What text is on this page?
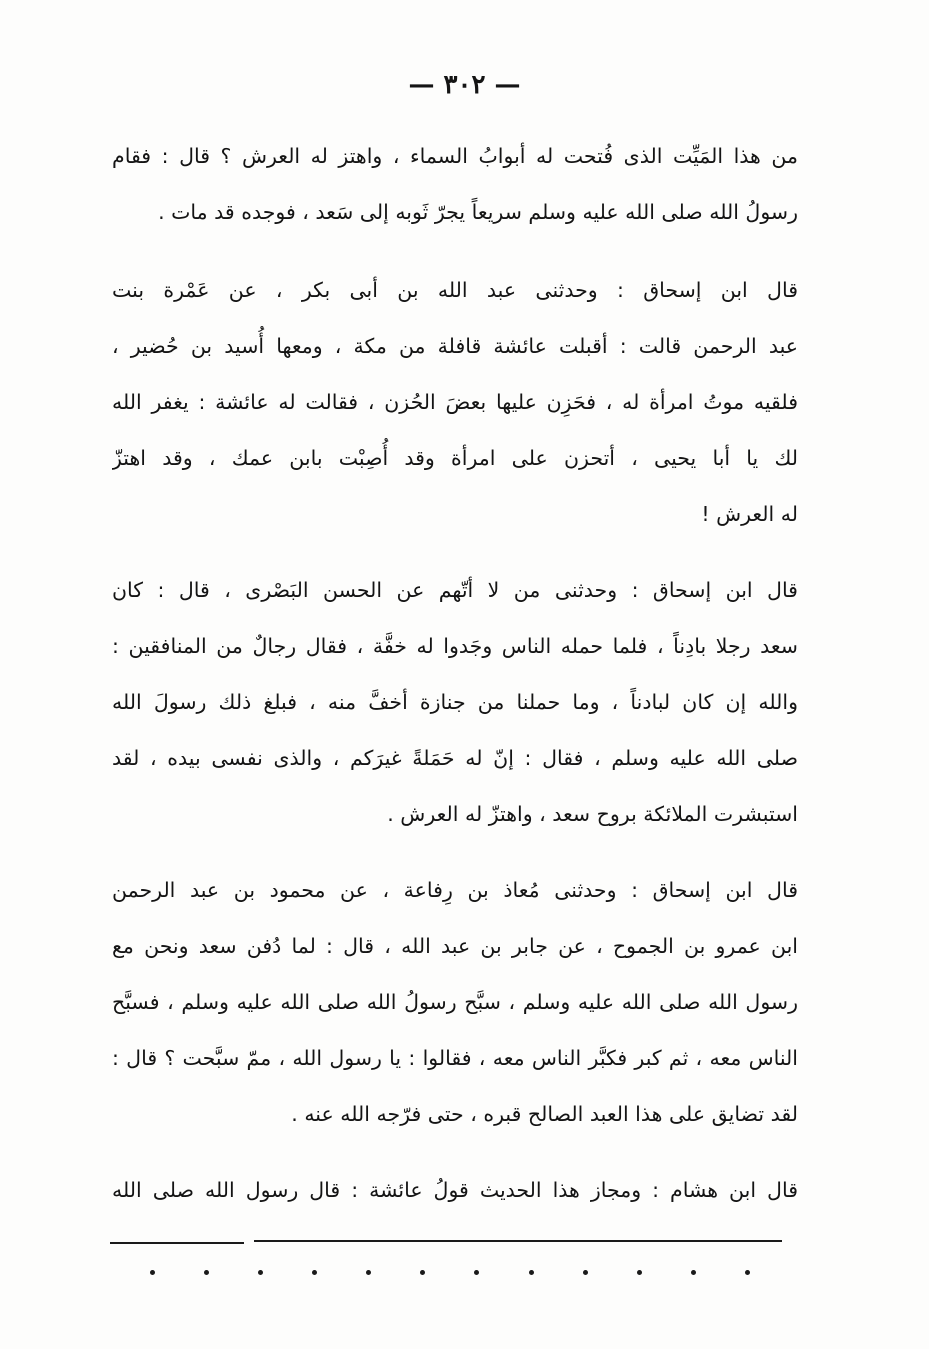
— ٣٠٢ —
من هذا المَيِّت الذى فُتحت له أبوابُ السماء ، واهتز له العرش ؟ قال : فقام
رسولُ الله صلى الله عليه وسلم سريعاً يجرّ ثَوبه إلى سَعد ، فوجده قد مات .
قال ابن إسحاق : وحدثنى عبد الله بن أبى بكر ، عن عَمْرة بنت
عبد الرحمن قالت : أقبلت عائشة قافلة من مكة ، ومعها أُسيد بن حُضير ،
فلقيه موتُ امرأة له ، فحَزِن عليها بعضَ الحُزن ، فقالت له عائشة : يغفر الله
لك يا أبا يحيى ، أتحزن على امرأة وقد أُصِبْت بابن عمك ، وقد اهتزّ
له العرش !
قال ابن إسحاق : وحدثنى من لا أتّهم عن الحسن البَصْرى ، قال : كان
سعد رجلا بادِناً ، فلما حمله الناس وجَدوا له خفَّة ، فقال رجالٌ من المنافقين :
والله إن كان لبادناً ، وما حملنا من جنازة أخفَّ منه ، فبلغ ذلك رسولَ الله
صلى الله عليه وسلم ، فقال : إنّ له حَمَلةً غيرَكم ، والذى نفسى بيده ، لقد
استبشرت الملائكة بروح سعد ، واهتزّ له العرش .
قال ابن إسحاق : وحدثنى مُعاذ بن رِفاعة ، عن محمود بن عبد الرحمن
ابن عمرو بن الجموح ، عن جابر بن عبد الله ، قال : لما دُفن سعد ونحن مع
رسول الله صلى الله عليه وسلم ، سبَّح رسولُ الله صلى الله عليه وسلم ، فسبَّح
الناس معه ، ثم كبر فكبَّر الناس معه ، فقالوا : يا رسول الله ، ممّ سبَّحت ؟ قال :
لقد تضايق على هذا العبد الصالح قبره ، حتى فرّجه الله عنه .
قال ابن هشام : ومجاز هذا الحديث قولُ عائشة : قال رسول الله صلى الله
